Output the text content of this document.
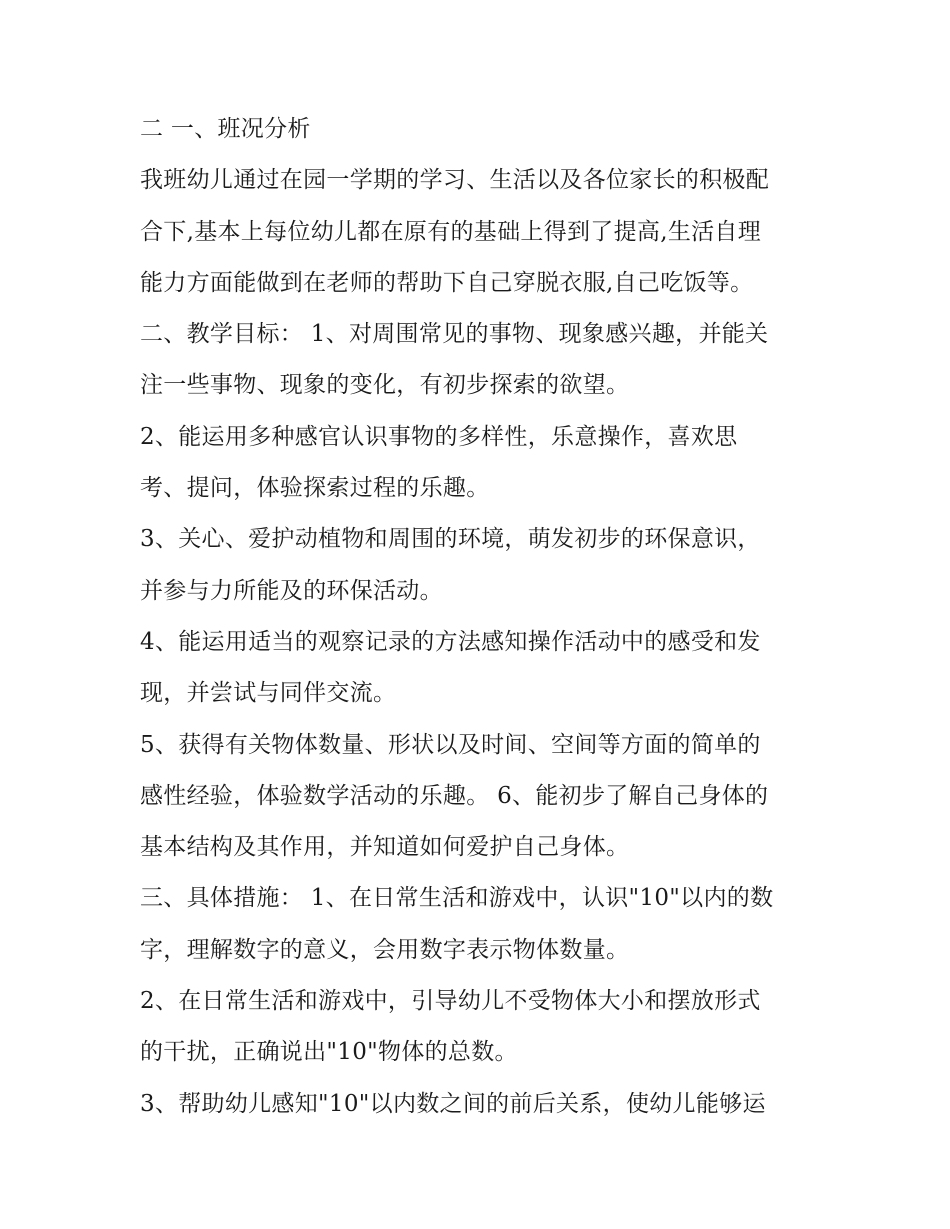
二 一、班况分析
我班幼儿通过在园一学期的学习、生活以及各位家长的积极配
合下,基本上每位幼儿都在原有的基础上得到了提高,生活自理
能力方面能做到在老师的帮助下自己穿脱衣服,自己吃饭等。
二、教学目标： 1、对周围常见的事物、现象感兴趣，并能关
注一些事物、现象的变化，有初步探索的欲望。
2、能运用多种感官认识事物的多样性，乐意操作，喜欢思
考、提问，体验探索过程的乐趣。
3、关心、爱护动植物和周围的环境，萌发初步的环保意识，
并参与力所能及的环保活动。
4、能运用适当的观察记录的方法感知操作活动中的感受和发
现，并尝试与同伴交流。
5、获得有关物体数量、形状以及时间、空间等方面的简单的
感性经验，体验数学活动的乐趣。 6、能初步了解自己身体的
基本结构及其作用，并知道如何爱护自己身体。
三、具体措施： 1、在日常生活和游戏中，认识"10"以内的数
字，理解数字的意义，会用数字表示物体数量。
2、在日常生活和游戏中，引导幼儿不受物体大小和摆放形式
的干扰，正确说出"10"物体的总数。
3、帮助幼儿感知"10"以内数之间的前后关系，使幼儿能够运
